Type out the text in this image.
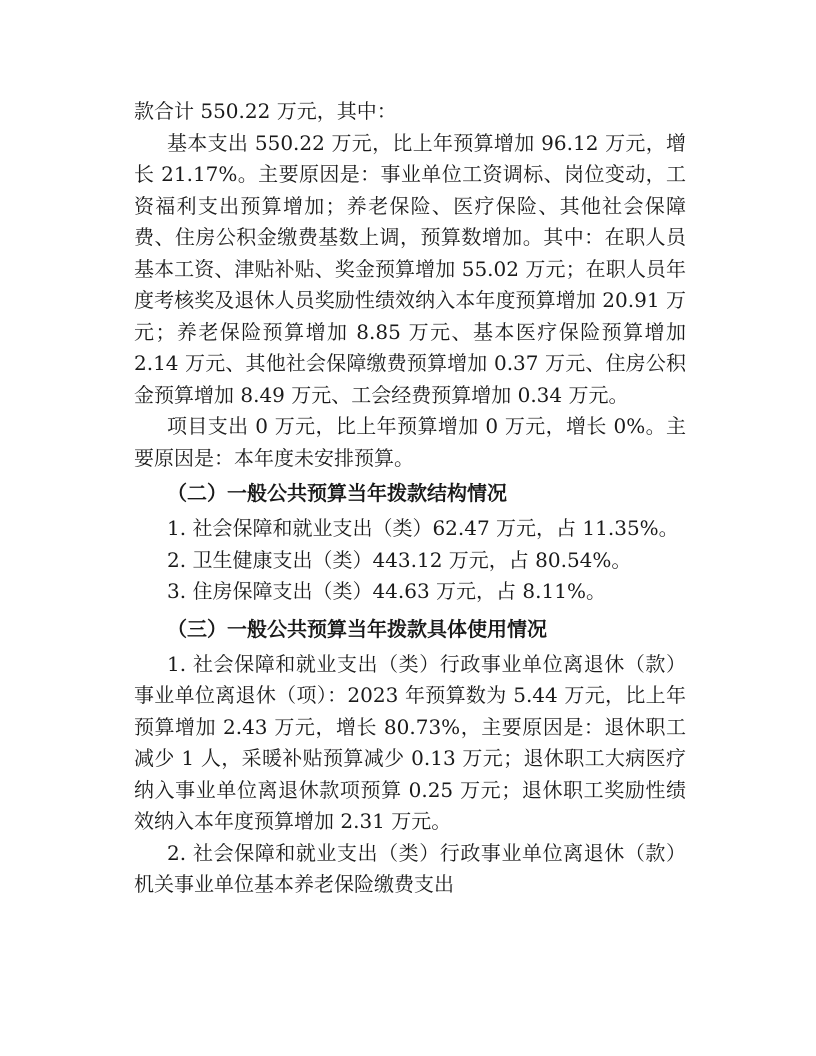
款合计 550.22 万元，其中：

基本支出 550.22 万元，比上年预算增加 96.12 万元，增长 21.17%。主要原因是：事业单位工资调标、岗位变动，工资福利支出预算增加；养老保险、医疗保险、其他社会保障费、住房公积金缴费基数上调，预算数增加。其中：在职人员基本工资、津贴补贴、奖金预算增加 55.02 万元；在职人员年度考核奖及退休人员奖励性绩效纳入本年度预算增加 20.91 万元；养老保险预算增加 8.85 万元、基本医疗保险预算增加 2.14 万元、其他社会保障缴费预算增加 0.37 万元、住房公积金预算增加 8.49 万元、工会经费预算增加 0.34 万元。

项目支出 0 万元，比上年预算增加 0 万元，增长 0%。主要原因是：本年度未安排预算。

（二）一般公共预算当年拨款结构情况

1. 社会保障和就业支出（类）62.47 万元，占 11.35%。

2. 卫生健康支出（类）443.12 万元，占 80.54%。

3. 住房保障支出（类）44.63 万元，占 8.11%。

（三）一般公共预算当年拨款具体使用情况

1. 社会保障和就业支出（类）行政事业单位离退休（款）事业单位离退休（项）：2023 年预算数为 5.44 万元，比上年预算增加 2.43 万元，增长 80.73%，主要原因是：退休职工减少 1 人，采暖补贴预算减少 0.13 万元；退休职工大病医疗纳入事业单位离退休款项预算 0.25 万元；退休职工奖励性绩效纳入本年度预算增加 2.31 万元。

2. 社会保障和就业支出（类）行政事业单位离退休（款）机关事业单位基本养老保险缴费支出
